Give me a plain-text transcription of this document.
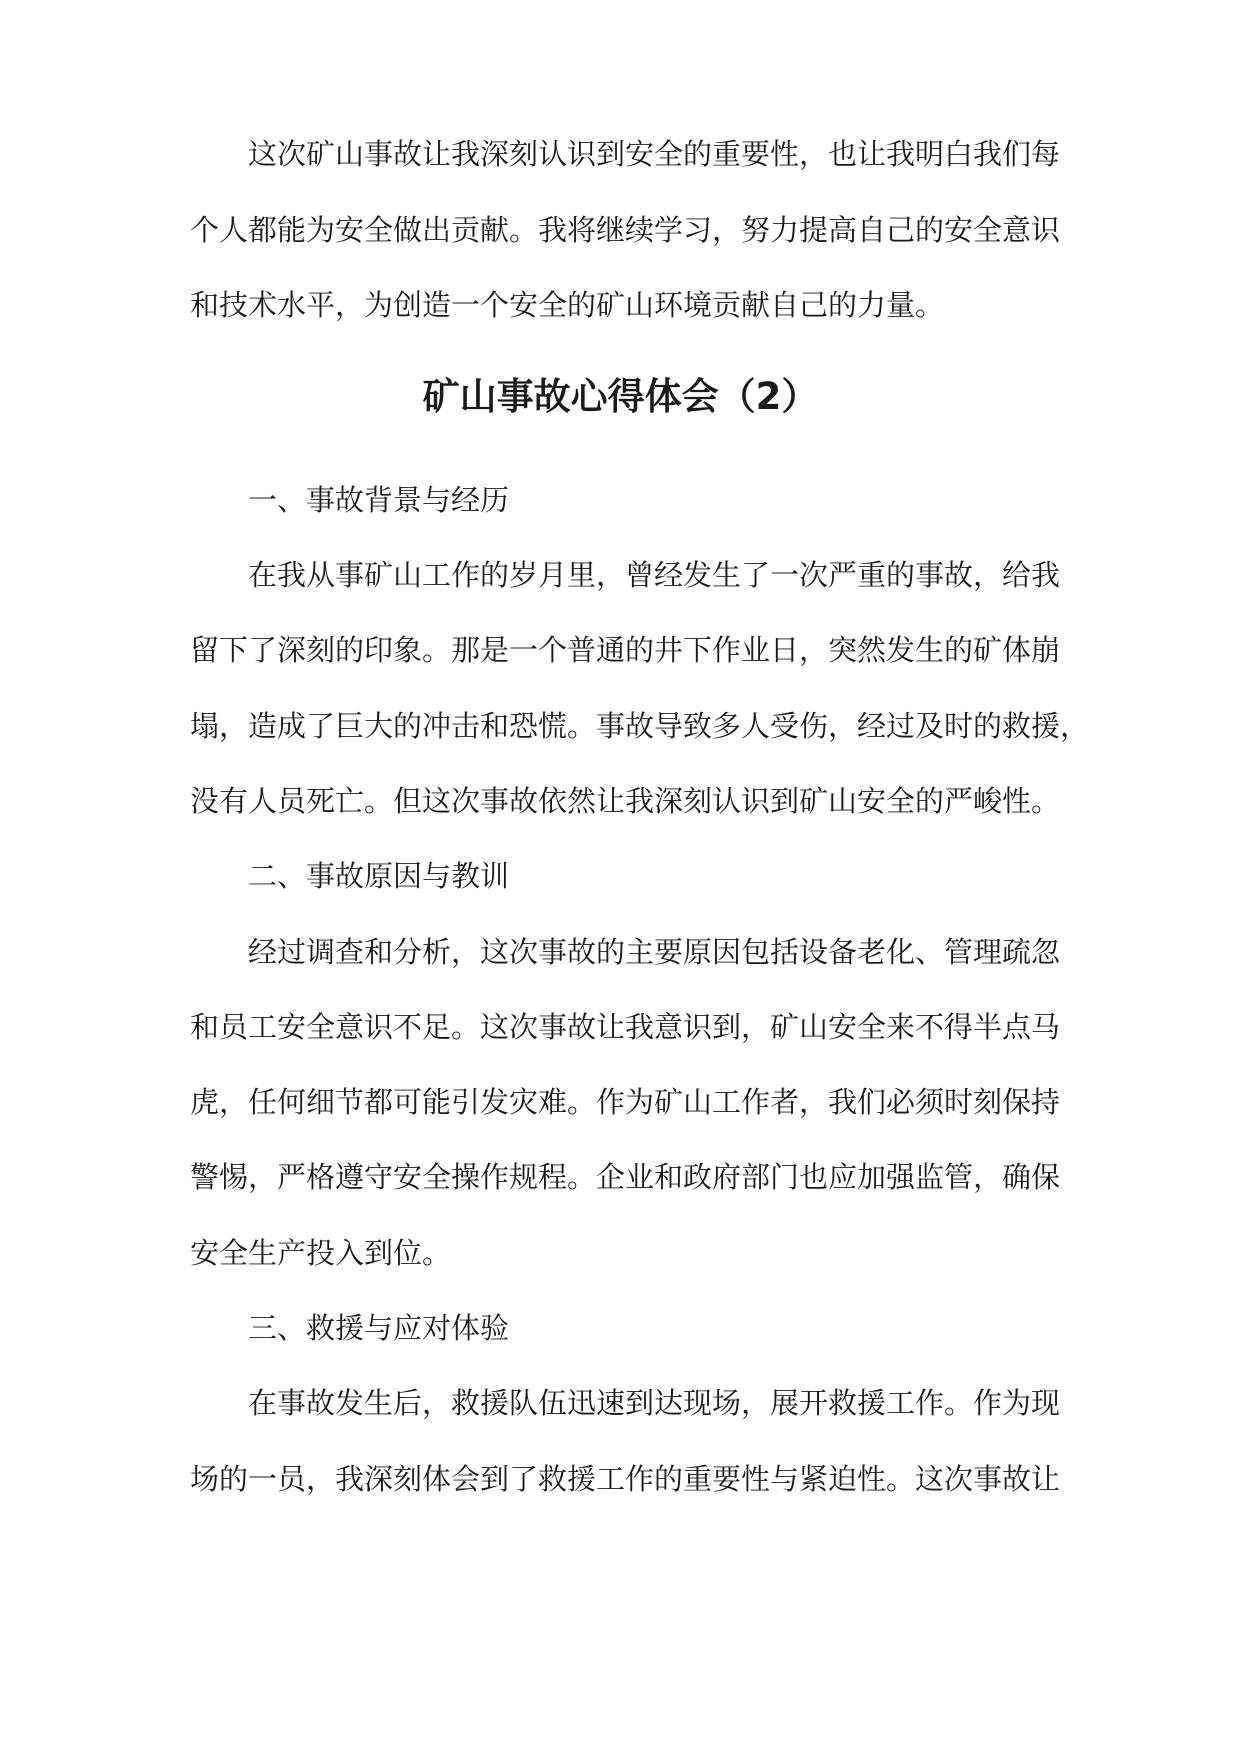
这次矿山事故让我深刻认识到安全的重要性，也让我明白我们每
个人都能为安全做出贡献。我将继续学习，努力提高自己的安全意识
和技术水平，为创造一个安全的矿山环境贡献自己的力量。
矿山事故心得体会（2）
一、事故背景与经历
在我从事矿山工作的岁月里，曾经发生了一次严重的事故，给我
留下了深刻的印象。那是一个普通的井下作业日，突然发生的矿体崩
塌，造成了巨大的冲击和恐慌。事故导致多人受伤，经过及时的救援，
没有人员死亡。但这次事故依然让我深刻认识到矿山安全的严峻性。
二、事故原因与教训
经过调查和分析，这次事故的主要原因包括设备老化、管理疏忽
和员工安全意识不足。这次事故让我意识到，矿山安全来不得半点马
虎，任何细节都可能引发灾难。作为矿山工作者，我们必须时刻保持
警惕，严格遵守安全操作规程。企业和政府部门也应加强监管，确保
安全生产投入到位。
三、救援与应对体验
在事故发生后，救援队伍迅速到达现场，展开救援工作。作为现
场的一员，我深刻体会到了救援工作的重要性与紧迫性。这次事故让
